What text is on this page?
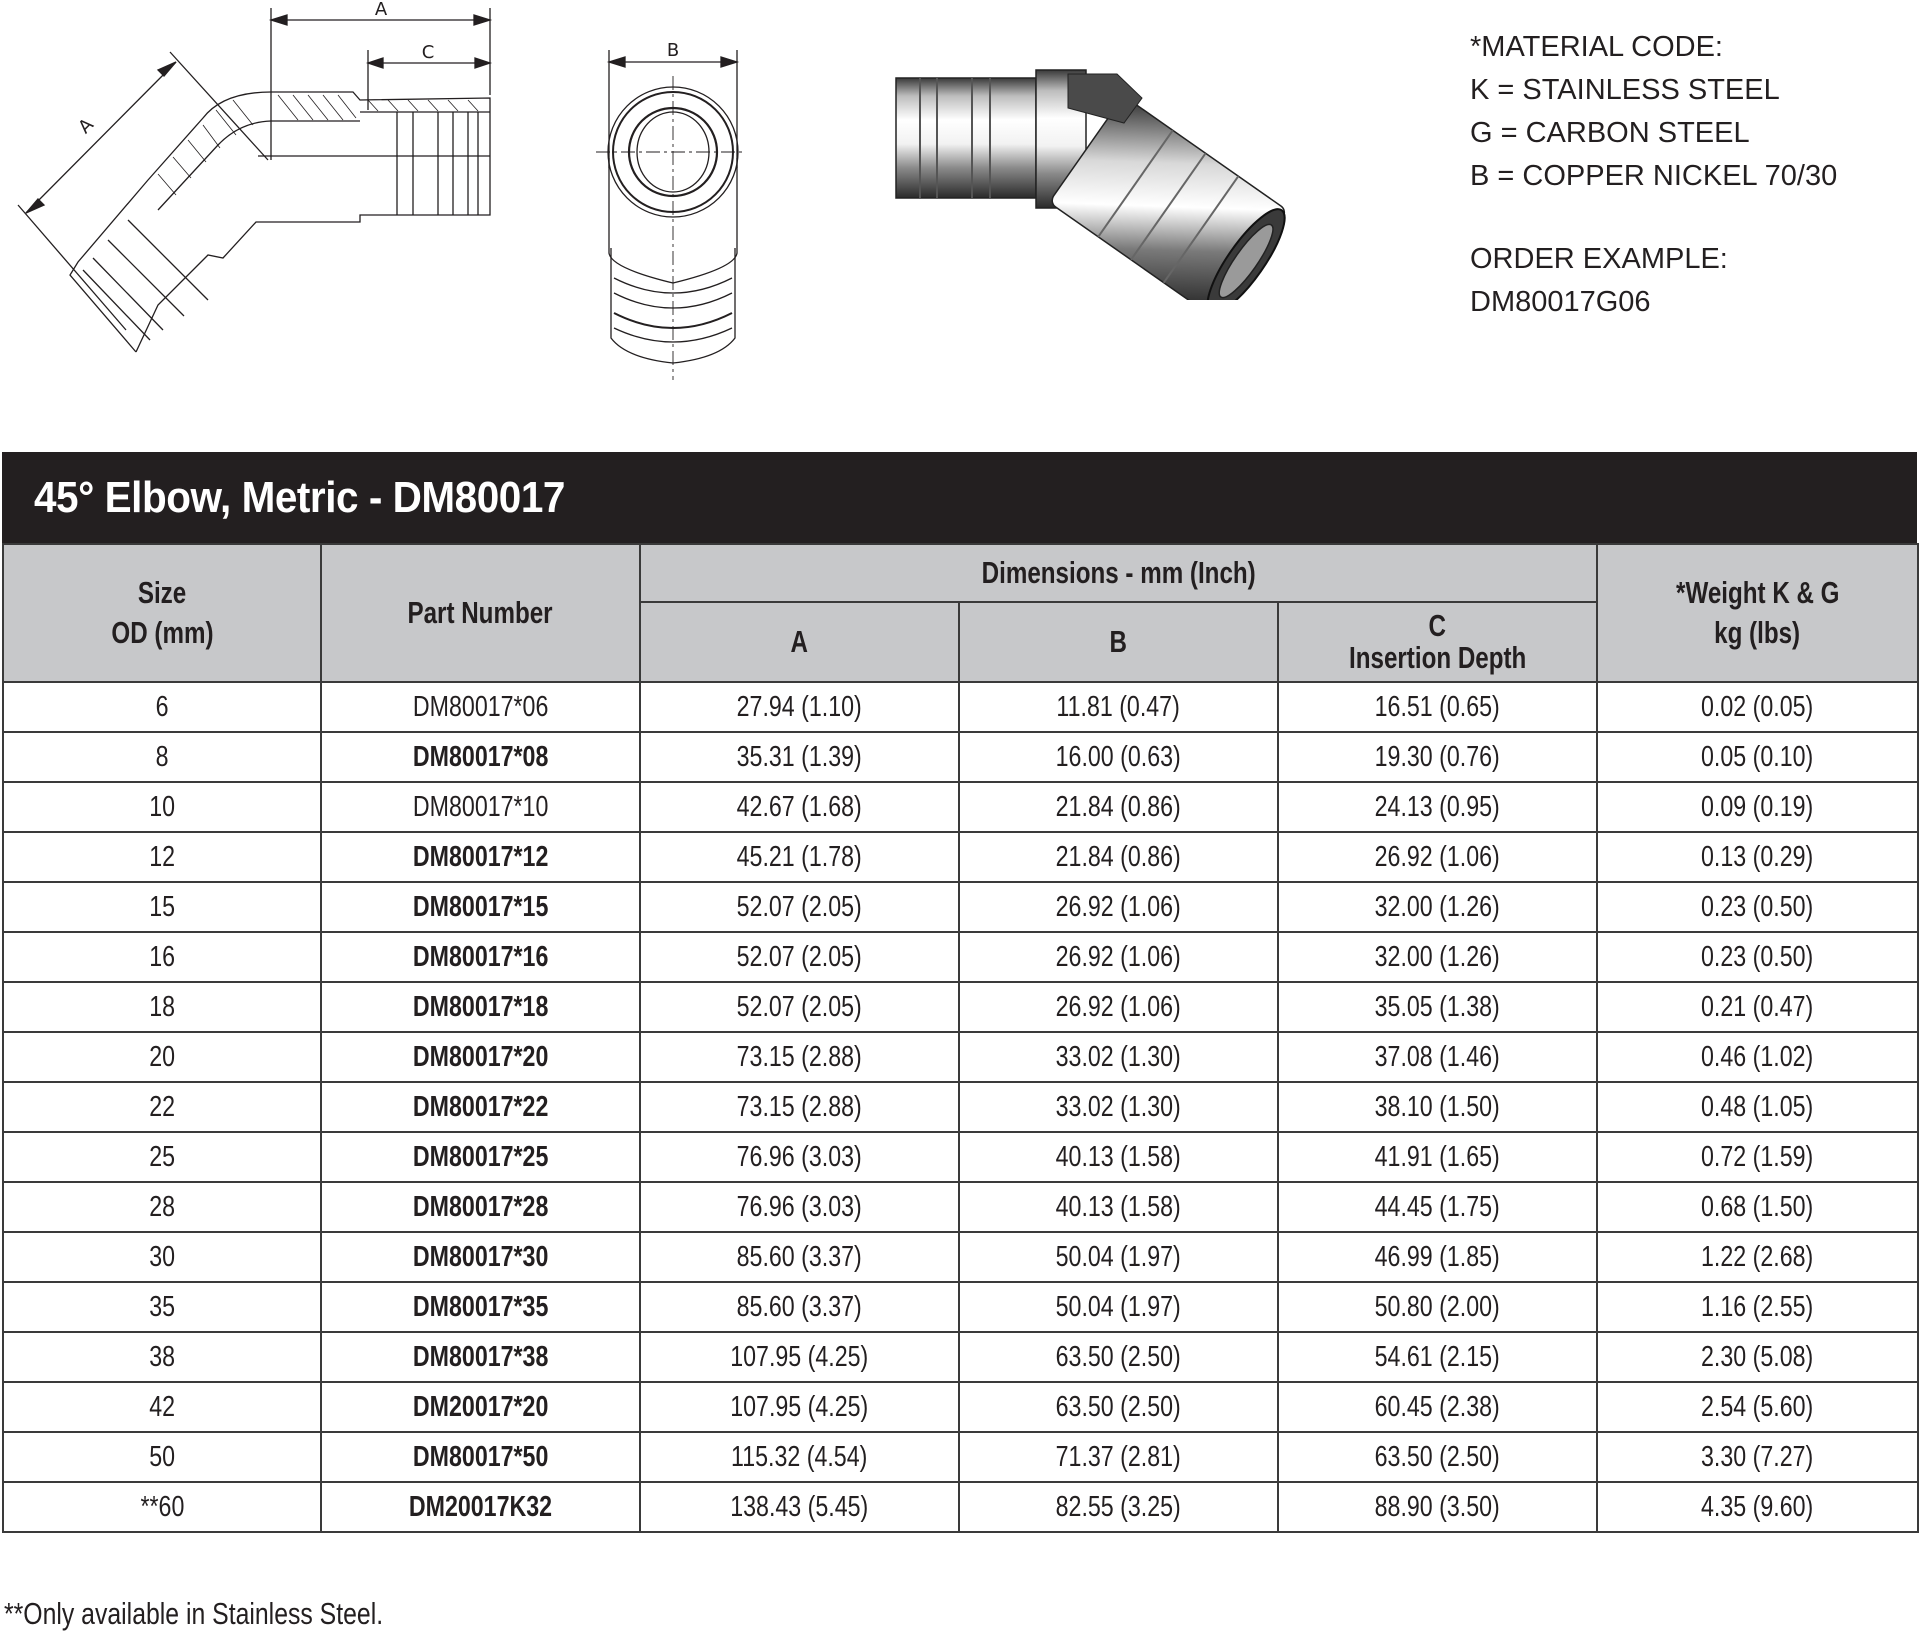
A
C
A
B	*MATERIAL CODE:
K = STAINLESS STEEL
G = CARBON STEEL
B = COPPER NICKEL 70/30
ORDER EXAMPLE:
DM80017G06
45° Elbow, Metric - DM80017
Size
OD (mm)	Part Number	Dimensions - mm (Inch)			*Weight K & G
kg (lbs)
		A	B	C
Insertion Depth	
6	DM80017*06	27.94 (1.10)	11.81 (0.47)	16.51 (0.65)	0.02 (0.05)
8	DM80017*08	35.31 (1.39)	16.00 (0.63)	19.30 (0.76)	0.05 (0.10)
10	DM80017*10	42.67 (1.68)	21.84 (0.86)	24.13 (0.95)	0.09 (0.19)
12	DM80017*12	45.21 (1.78)	21.84 (0.86)	26.92 (1.06)	0.13 (0.29)
15	DM80017*15	52.07 (2.05)	26.92 (1.06)	32.00 (1.26)	0.23 (0.50)
16	DM80017*16	52.07 (2.05)	26.92 (1.06)	32.00 (1.26)	0.23 (0.50)
18	DM80017*18	52.07 (2.05)	26.92 (1.06)	35.05 (1.38)	0.21 (0.47)
20	DM80017*20	73.15 (2.88)	33.02 (1.30)	37.08 (1.46)	0.46 (1.02)
22	DM80017*22	73.15 (2.88)	33.02 (1.30)	38.10 (1.50)	0.48 (1.05)
25	DM80017*25	76.96 (3.03)	40.13 (1.58)	41.91 (1.65)	0.72 (1.59)
28	DM80017*28	76.96 (3.03)	40.13 (1.58)	44.45 (1.75)	0.68 (1.50)
30	DM80017*30	85.60 (3.37)	50.04 (1.97)	46.99 (1.85)	1.22 (2.68)
35	DM80017*35	85.60 (3.37)	50.04 (1.97)	50.80 (2.00)	1.16 (2.55)
38	DM80017*38	107.95 (4.25)	63.50 (2.50)	54.61 (2.15)	2.30 (5.08)
42	DM20017*20	107.95 (4.25)	63.50 (2.50)	60.45 (2.38)	2.54 (5.60)
50	DM80017*50	115.32 (4.54)	71.37 (2.81)	63.50 (2.50)	3.30 (7.27)
**60	DM20017K32	138.43 (5.45)	82.55 (3.25)	88.90 (3.50)	4.35 (9.60)
**Only available in Stainless Steel.
